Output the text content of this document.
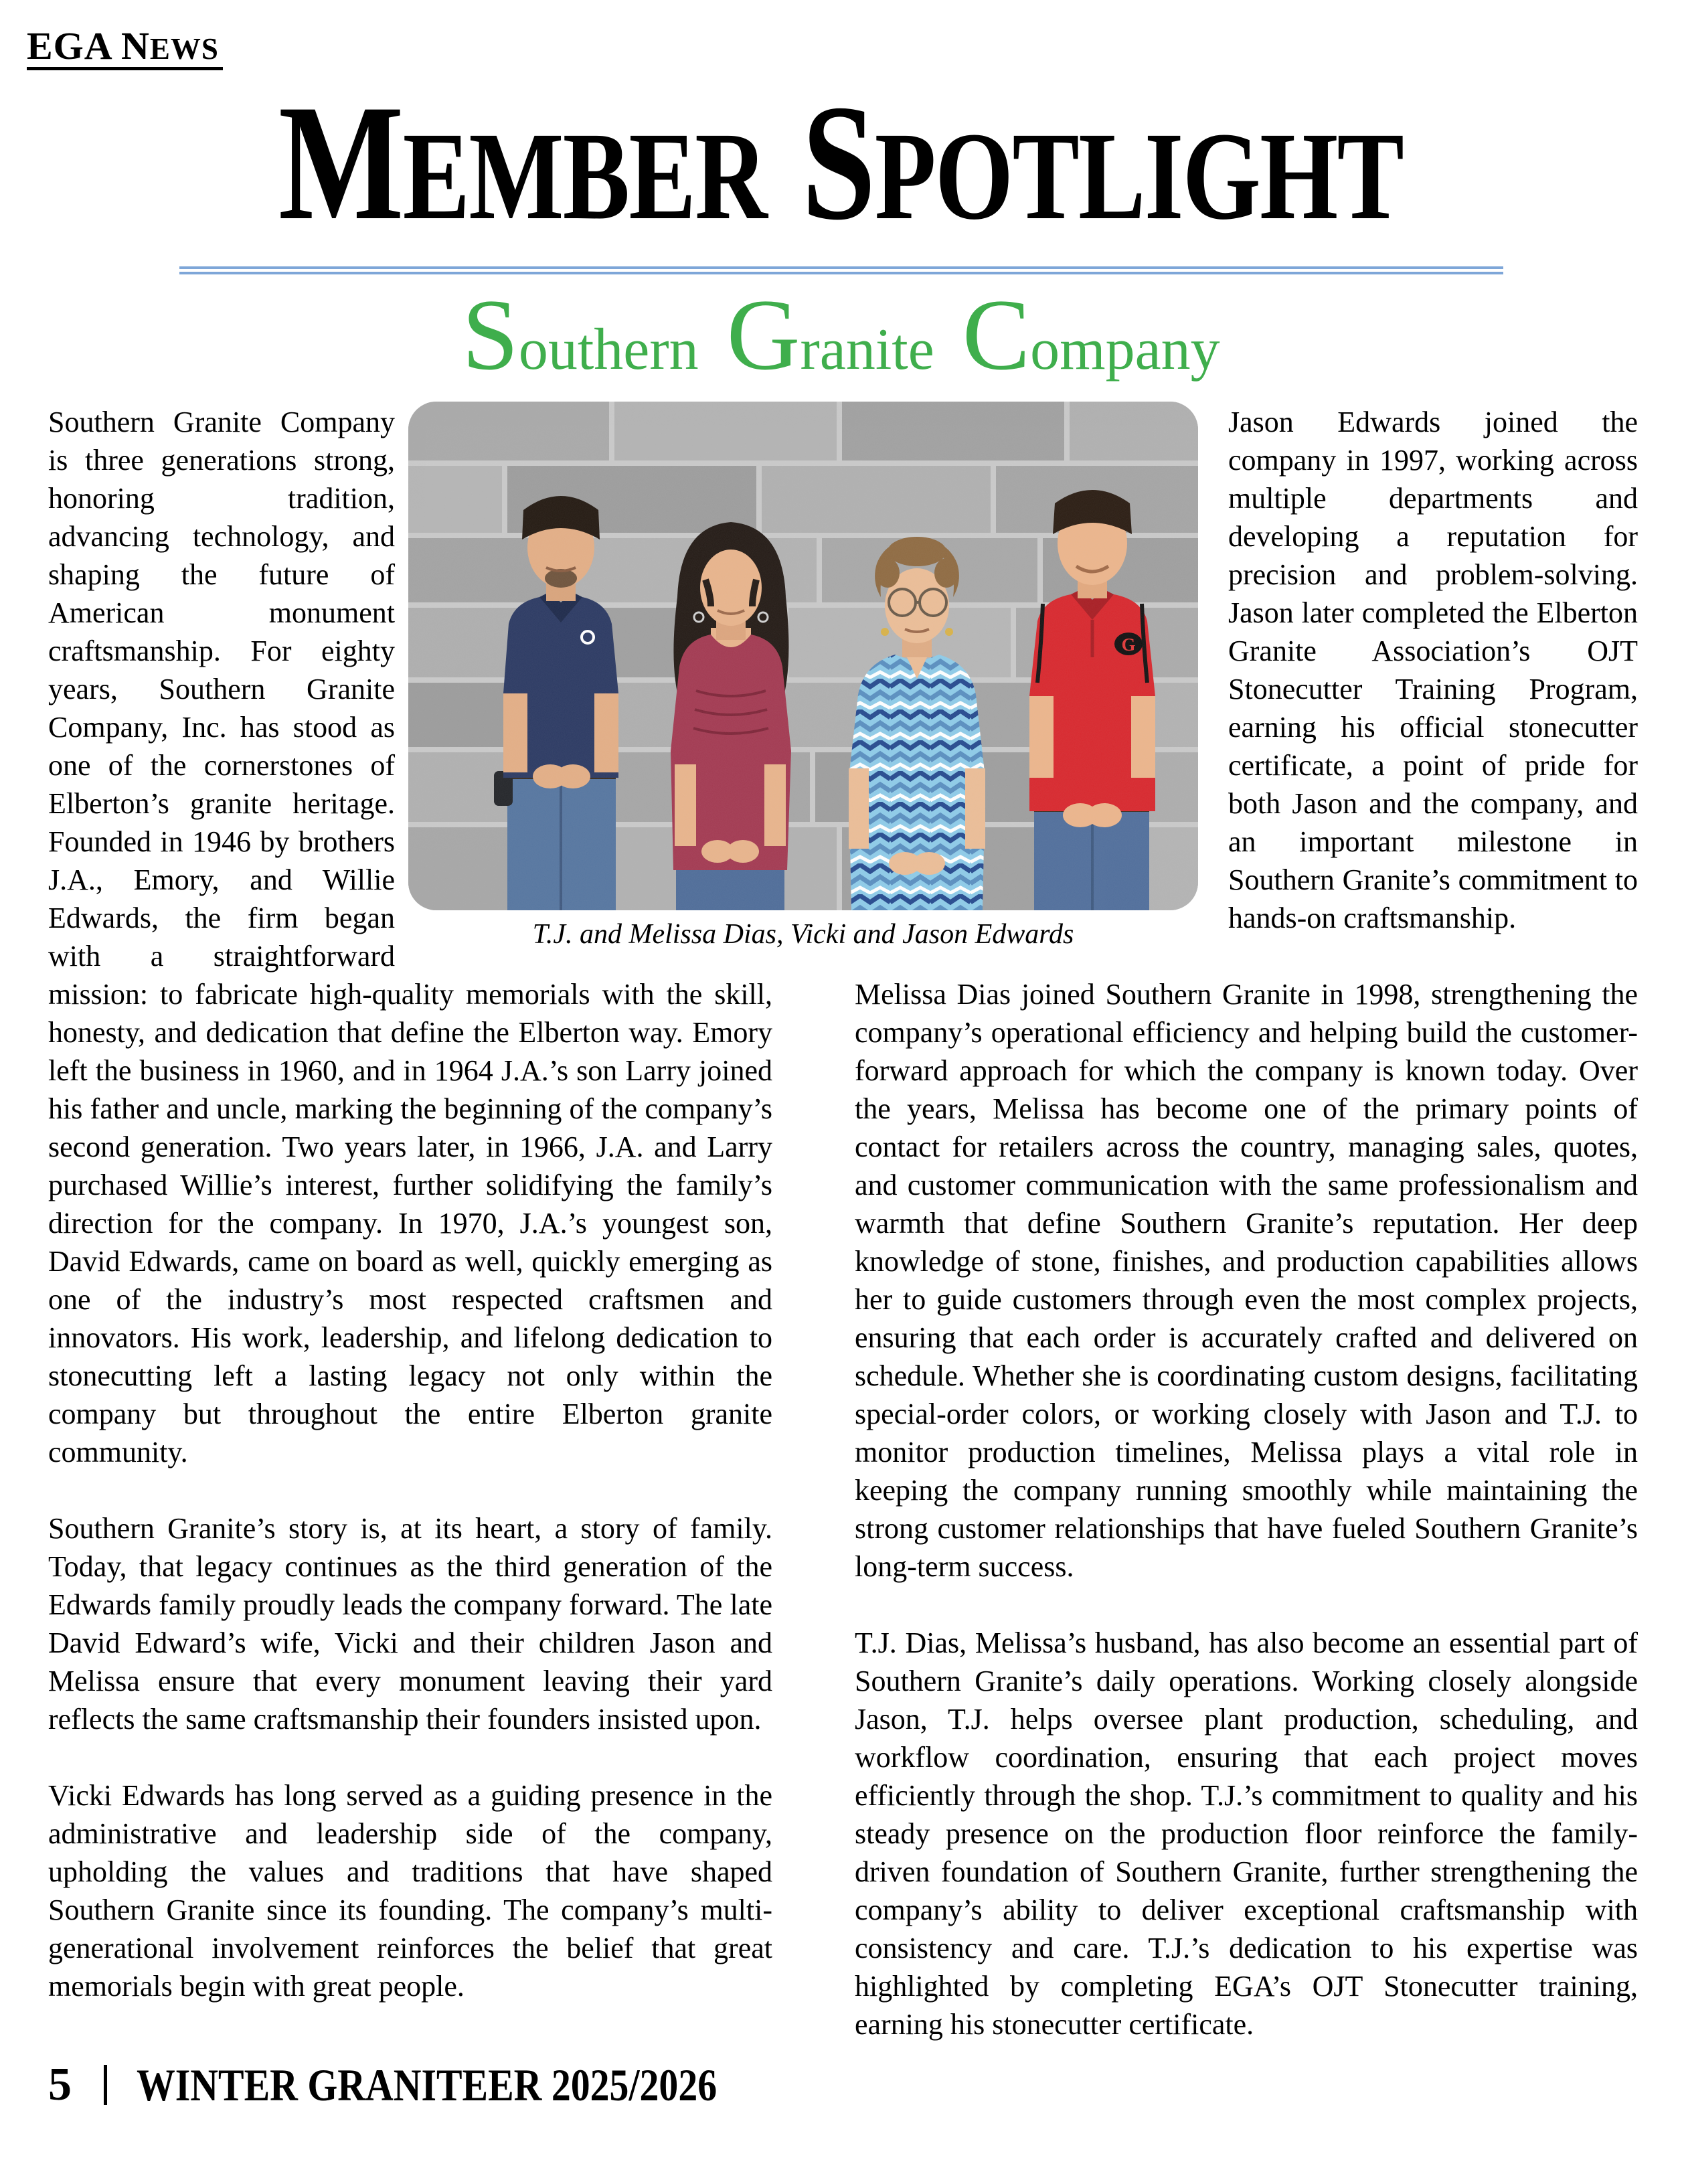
EGA NEWS
MEMBER SPOTLIGHT
Southern Granite Company

Southern Granite Company is three generations strong, honoring tradition, advancing technology, and shaping the future of American monument craftsmanship. For eighty years, Southern Granite Company, Inc. has stood as one of the cornerstones of Elberton’s granite heritage. Founded in 1946 by brothers J.A., Emory, and Willie Edwards, the firm began with a straightforward mission: to fabricate high-quality memorials with the skill, honesty, and dedication that define the Elberton way. Emory left the business in 1960, and in 1964 J.A.’s son Larry joined his father and uncle, marking the beginning of the company’s second generation. Two years later, in 1966, J.A. and Larry purchased Willie’s interest, further solidifying the family’s direction for the company. In 1970, J.A.’s youngest son, David Edwards, came on board as well, quickly emerging as one of the industry’s most respected craftsmen and innovators. His work, leadership, and lifelong dedication to stonecutting left a lasting legacy not only within the company but throughout the entire Elberton granite community.

Southern Granite’s story is, at its heart, a story of family. Today, that legacy continues as the third generation of the Edwards family proudly leads the company forward. The late David Edward’s wife, Vicki and their children Jason and Melissa ensure that every monument leaving their yard reflects the same craftsmanship their founders insisted upon.

Vicki Edwards has long served as a guiding presence in the administrative and leadership side of the company, upholding the values and traditions that have shaped Southern Granite since its founding. The company’s multi-generational involvement reinforces the belief that great memorials begin with great people.

Jason Edwards joined the company in 1997, working across multiple departments and developing a reputation for precision and problem-solving. Jason later completed the Elberton Granite Association’s OJT Stonecutter Training Program, earning his official stonecutter certificate, a point of pride for both Jason and the company, and an important milestone in Southern Granite’s commitment to hands-on craftsmanship.

Melissa Dias joined Southern Granite in 1998, strengthening the company’s operational efficiency and helping build the customer-forward approach for which the company is known today. Over the years, Melissa has become one of the primary points of contact for retailers across the country, managing sales, quotes, and customer communication with the same professionalism and warmth that define Southern Granite’s reputation. Her deep knowledge of stone, finishes, and production capabilities allows her to guide customers through even the most complex projects, ensuring that each order is accurately crafted and delivered on schedule. Whether she is coordinating custom designs, facilitating special-order colors, or working closely with Jason and T.J. to monitor production timelines, Melissa plays a vital role in keeping the company running smoothly while maintaining the strong customer relationships that have fueled Southern Granite’s long-term success.

T.J. Dias, Melissa’s husband, has also become an essential part of Southern Granite’s daily operations. Working closely alongside Jason, T.J. helps oversee plant production, scheduling, and workflow coordination, ensuring that each project moves efficiently through the shop. T.J.’s commitment to quality and his steady presence on the production floor reinforce the family-driven foundation of Southern Granite, further strengthening the company’s ability to deliver exceptional craftsmanship with consistency and care. T.J.’s dedication to his expertise was highlighted by completing EGA’s OJT Stonecutter training, earning his stonecutter certificate.

G
T.J. and Melissa Dias, Vicki and Jason Edwards
5 WINTER GRANITEER 2025/2026
